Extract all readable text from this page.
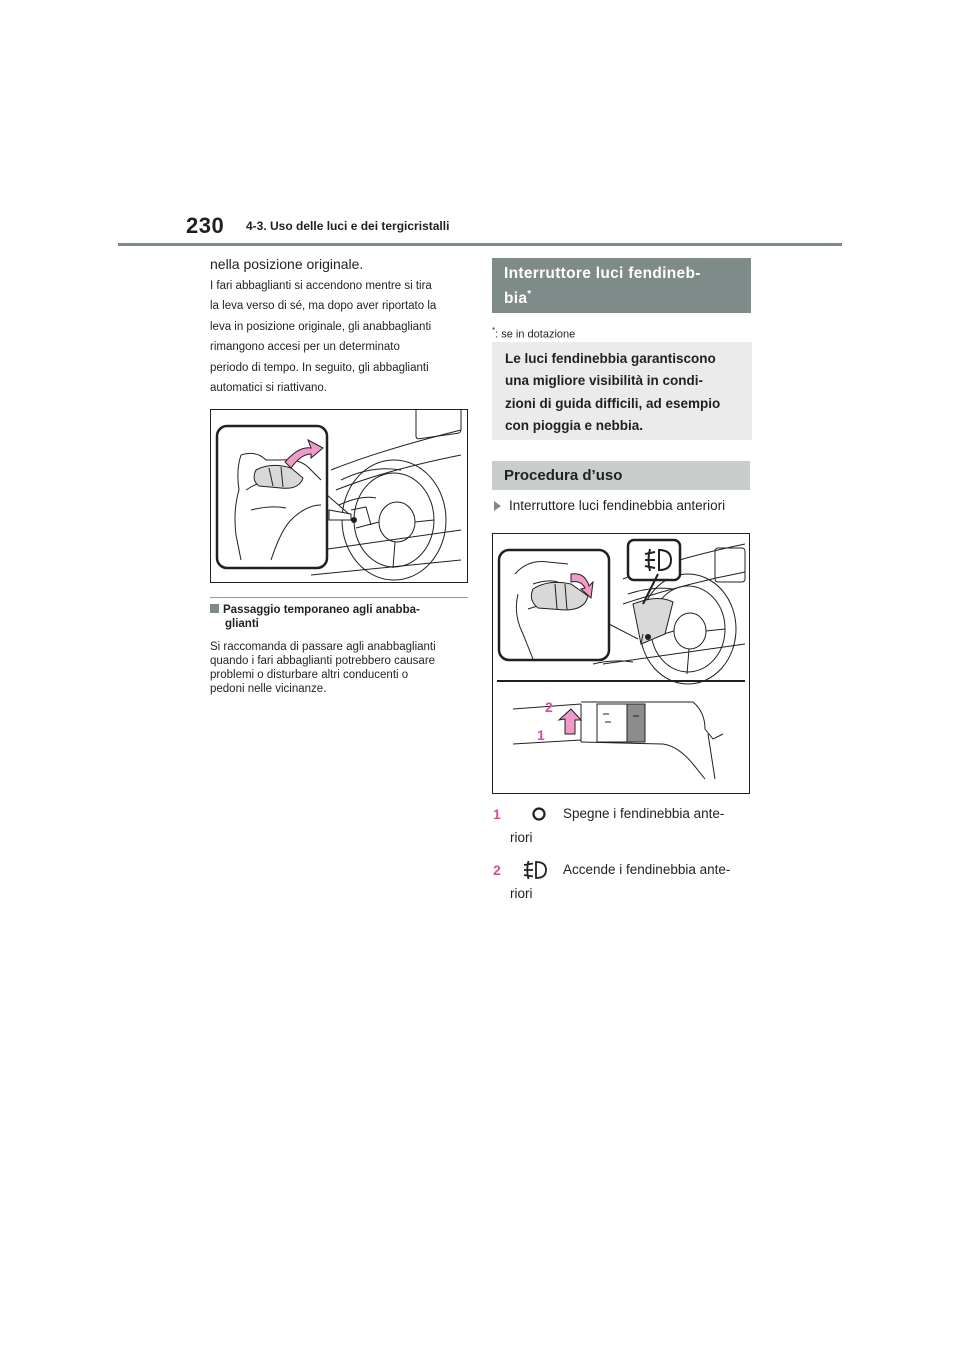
230 4-3. Uso delle luci e dei tergicristalli
nella posizione originale.
I fari abbaglianti si accendono mentre si tira
la leva verso di sé, ma dopo aver riportato la
leva in posizione originale, gli anabbaglianti
rimangono accesi per un determinato
periodo di tempo. In seguito, gli abbaglianti
automatici si riattivano.
Passaggio temporaneo agli anabba-
glianti
Si raccomanda di passare agli anabbaglianti
quando i fari abbaglianti potrebbero causare
problemi o disturbare altri conducenti o
pedoni nelle vicinanze.
Interruttore luci fendineb-
bia*
*: se in dotazione
Le luci fendinebbia garantiscono
una migliore visibilità in condi-
zioni di guida difficili, ad esempio
con pioggia e nebbia.
Procedura d’uso
Interruttore luci fendinebbia anteriori
2
1
1	Spegne i fendinebbia ante-
riori
2	Accende i fendinebbia ante-
riori
